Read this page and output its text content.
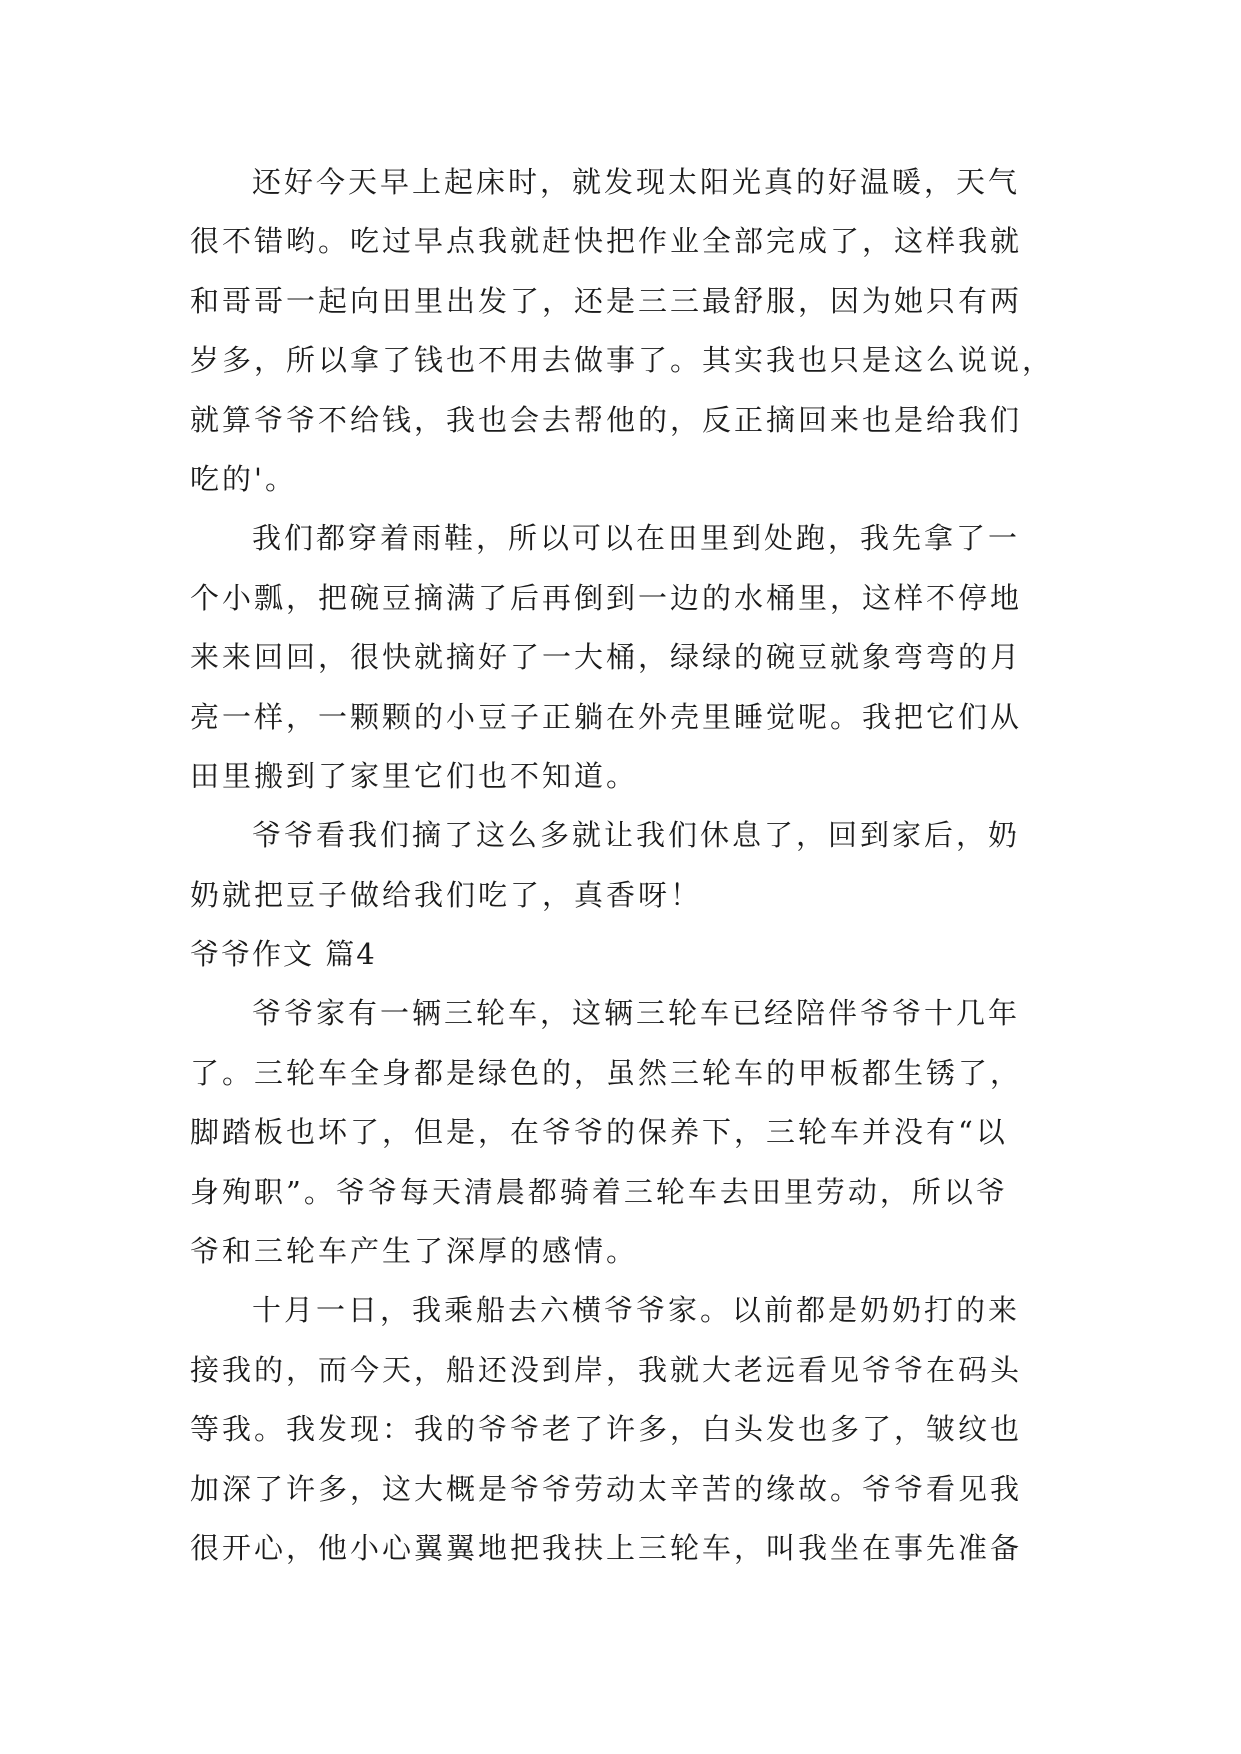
还好今天早上起床时，就发现太阳光真的好温暖，天气

很不错哟。吃过早点我就赶快把作业全部完成了，这样我就

和哥哥一起向田里出发了，还是三三最舒服，因为她只有两

岁多，所以拿了钱也不用去做事了。其实我也只是这么说说，

就算爷爷不给钱，我也会去帮他的，反正摘回来也是给我们

吃的'。

我们都穿着雨鞋，所以可以在田里到处跑，我先拿了一

个小瓢，把碗豆摘满了后再倒到一边的水桶里，这样不停地

来来回回，很快就摘好了一大桶，绿绿的碗豆就象弯弯的月

亮一样，一颗颗的小豆子正躺在外壳里睡觉呢。我把它们从

田里搬到了家里它们也不知道。

爷爷看我们摘了这么多就让我们休息了，回到家后，奶

奶就把豆子做给我们吃了，真香呀！

爷爷作文 篇4

爷爷家有一辆三轮车，这辆三轮车已经陪伴爷爷十几年

了。三轮车全身都是绿色的，虽然三轮车的甲板都生锈了，

脚踏板也坏了，但是，在爷爷的保养下，三轮车并没有“以

身殉职”。爷爷每天清晨都骑着三轮车去田里劳动，所以爷

爷和三轮车产生了深厚的感情。

十月一日，我乘船去六横爷爷家。以前都是奶奶打的来

接我的，而今天，船还没到岸，我就大老远看见爷爷在码头

等我。我发现：我的爷爷老了许多，白头发也多了，皱纹也

加深了许多，这大概是爷爷劳动太辛苦的缘故。爷爷看见我

很开心，他小心翼翼地把我扶上三轮车，叫我坐在事先准备
